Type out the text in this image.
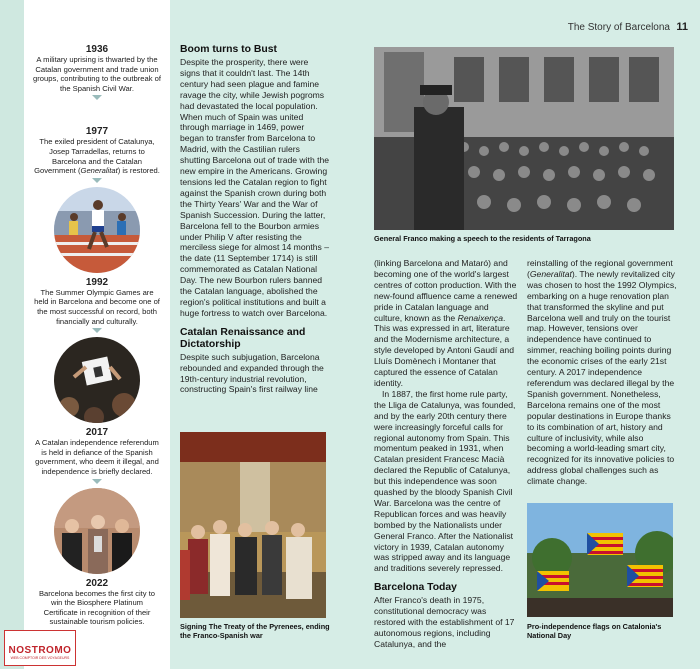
1936
A military uprising is thwarted by the Catalan government and trade union groups, contributing to the outbreak of the Spanish Civil War.
1977
The exiled president of Catalunya, Josep Tarradellas, returns to Barcelona and the Catalan Government (Generalitat) is restored.
1992
The Summer Olympic Games are held in Barcelona and become one of the most successful on record, both financially and culturally.
2017
A Catalan independence referendum is held in defiance of the Spanish government, who deem it illegal, and independence is briefly declared.
2022
Barcelona becomes the first city to win the Biosphere Platinum Certificate in recognition of their sustainable tourism policies.
NOSTROMO
WEB COMPTOIR DES VOYAGEURS
The Story of Barcelona 11
Boom turns to Bust

Despite the prosperity, there were signs that it couldn't last. The 14th century had seen plague and famine ravage the city, while Jewish pogroms had devastated the local population. When much of Spain was united through marriage in 1469, power began to transfer from Barcelona to Madrid, with the Castilian rulers shutting Barcelona out of trade with the new empire in the Americans. Growing tensions led the Catalan region to fight against the Spanish crown during both the Thirty Years' War and the War of Spanish Succession. During the latter, Barcelona fell to the Bourbon armies under Philip V after resisting the merciless siege for almost 14 months – the date (11 September 1714) is still commemorated as Catalan National Day. The new Bourbon rulers banned the Catalan language, abolished the region's political institutions and built a huge fortress to watch over Barcelona.

Catalan Renaissance and Dictatorship

Despite such subjugation, Barcelona rebounded and expanded through the 19th-century industrial revolution, constructing Spain's first railway line

General Franco making a speech to the residents of Tarragona

(linking Barcelona and Mataró) and becoming one of the world's largest centres of cotton production. With the new-found affluence came a renewed pride in Catalan language and culture, known as the Renaixença. This was expressed in art, literature and the Modernisme architecture, a style developed by Antoni Gaudí and Lluís Domènech i Montaner that captured the essence of Catalan identity.

In 1887, the first home rule party, the Lliga de Catalunya, was founded, and by the early 20th century there were increasingly forceful calls for regional autonomy from Spain. This momentum peaked in 1931, when Catalan president Francesc Macià declared the Republic of Catalunya, but this independence was soon quashed by the bloody Spanish Civil War. Barcelona was the centre of Republican forces and was heavily bombed by the Nationalists under General Franco. After the Nationalist victory in 1939, Catalan autonomy was stripped away and its language and traditions severely repressed.

Barcelona Today

After Franco's death in 1975, constitutional democracy was restored with the establishment of 17 autonomous regions, including Catalunya, and the

reinstalling of the regional government (Generalitat). The newly revitalized city was chosen to host the 1992 Olympics, embarking on a huge renovation plan that transformed the skyline and put Barcelona well and truly on the tourist map. However, tensions over independence have continued to simmer, reaching boiling points during the economic crises of the early 21st century. A 2017 independence referendum was declared illegal by the Spanish government. Nonetheless, Barcelona remains one of the most popular destinations in Europe thanks to its combination of art, history and culture of inclusivity, while also becoming a world-leading smart city, recognized for its innovative policies to address global challenges such as climate change.

Signing The Treaty of the Pyrenees, ending the Franco-Spanish war
Pro-independence flags on Catalonia's National Day
